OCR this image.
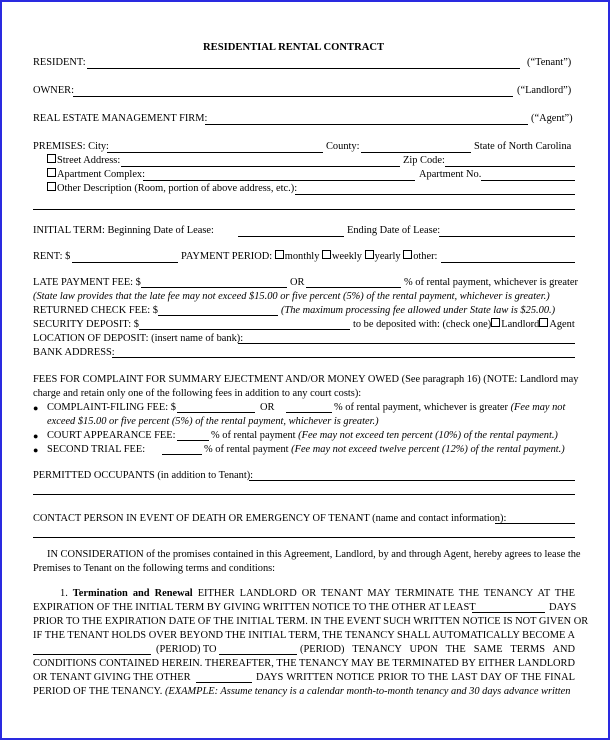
RESIDENTIAL RENTAL CONTRACT
RESIDENT:	(“Tenant”)
OWNER:	(“Landlord”)
REAL ESTATE MANAGEMENT FIRM:	(“Agent”)
PREMISES: City:	County:	State of North Carolina
Street Address:	Zip Code:
Apartment Complex:	Apartment No.
Other Description (Room, portion of above address, etc.):
INITIAL TERM: Beginning Date of Lease:	Ending Date of Lease:
RENT: $	PAYMENT PERIOD: monthly weekly yearly other:
LATE PAYMENT FEE: $	OR	% of rental payment, whichever is greater
(State law provides that the late fee may not exceed $15.00 or five percent (5%) of the rental payment, whichever is greater.)
RETURNED CHECK FEE: $	(The maximum processing fee allowed under State law is $25.00.)
SECURITY DEPOSIT: $	to be deposited with: (check one) Landlord Agent
LOCATION OF DEPOSIT: (insert name of bank):
BANK ADDRESS:
FEES FOR COMPLAINT FOR SUMMARY EJECTMENT AND/OR MONEY OWED (See paragraph 16) (NOTE: Landlord may
charge and retain only one of the following fees in addition to any court costs):
● COMPLAINT-FILING FEE: $	OR	% of rental payment, whichever is greater (Fee may not
exceed $15.00 or five percent (5%) of the rental payment, whichever is greater.)
● COURT APPEARANCE FEE:	% of rental payment (Fee may not exceed ten percent (10%) of the rental payment.)
● SECOND TRIAL FEE:	% of rental payment (Fee may not exceed twelve percent (12%) of the rental payment.)
PERMITTED OCCUPANTS (in addition to Tenant):
CONTACT PERSON IN EVENT OF DEATH OR EMERGENCY OF TENANT (name and contact information):
IN CONSIDERATION of the promises contained in this Agreement, Landlord, by and through Agent, hereby agrees to lease the
Premises to Tenant on the following terms and conditions:
1. Termination and Renewal EITHER LANDLORD OR TENANT MAY TERMINATE THE TENANCY AT THE
EXPIRATION OF THE INITIAL TERM BY GIVING WRITTEN NOTICE TO THE OTHER AT LEAST	DAYS
PRIOR TO THE EXPIRATION DATE OF THE INITIAL TERM. IN THE EVENT SUCH WRITTEN NOTICE IS NOT GIVEN OR
IF THE TENANT HOLDS OVER BEYOND THE INITIAL TERM, THE TENANCY SHALL AUTOMATICALLY BECOME A
(PERIOD) TO	(PERIOD) TENANCY UPON THE SAME TERMS AND
CONDITIONS CONTAINED HEREIN. THEREAFTER, THE TENANCY MAY BE TERMINATED BY EITHER LANDLORD
OR TENANT GIVING THE OTHER	DAYS WRITTEN NOTICE PRIOR TO THE LAST DAY OF THE FINAL
PERIOD OF THE TENANCY. (EXAMPLE: Assume tenancy is a calendar month-to-month tenancy and 30 days advance written
